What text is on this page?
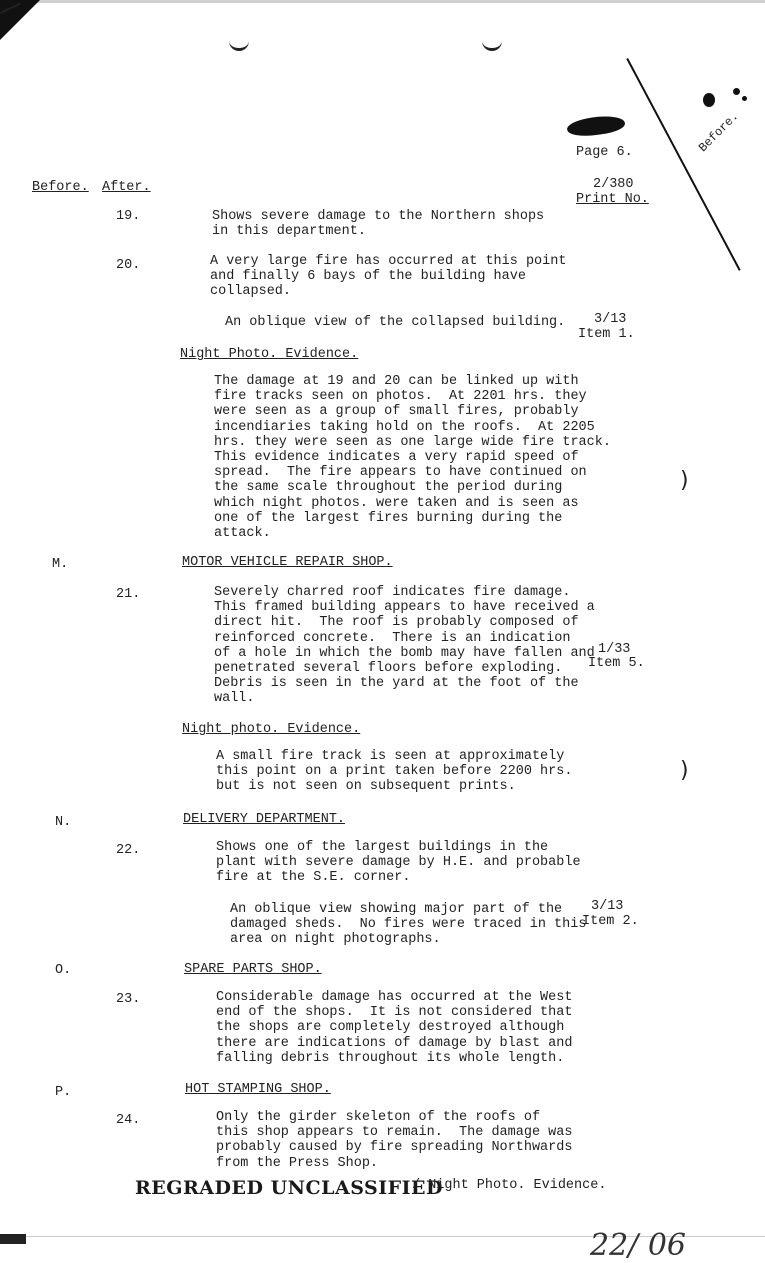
Before.
Page 6.
Before. After.	2/380
Print No.
19.	Shows severe damage to the Northern shops
in this department.
20.	A very large fire has occurred at this point
and finally 6 bays of the building have
collapsed.
An oblique view of the collapsed building. 3/13
Item 1.
Night Photo. Evidence.
The damage at 19 and 20 can be linked up with
fire tracks seen on photos.  At 2201 hrs. they
were seen as a group of small fires, probably
incendiaries taking hold on the roofs.  At 2205
hrs. they were seen as one large wide fire track.
This evidence indicates a very rapid speed of
spread.  The fire appears to have continued on
the same scale throughout the period during
which night photos. were taken and is seen as
one of the largest fires burning during the
attack.
)
M.	MOTOR VEHICLE REPAIR SHOP.
21.	Severely charred roof indicates fire damage.
This framed building appears to have received a
direct hit.  The roof is probably composed of
reinforced concrete.  There is an indication
of a hole in which the bomb may have fallen and
penetrated several floors before exploding.
Debris is seen in the yard at the foot of the
wall.
1/33
Item 5.
Night photo. Evidence.
A small fire track is seen at approximately
this point on a print taken before 2200 hrs.
but is not seen on subsequent prints.
)
N.	DELIVERY DEPARTMENT.
22.	Shows one of the largest buildings in the
plant with severe damage by H.E. and probable
fire at the S.E. corner.
An oblique view showing major part of the
damaged sheds.  No fires were traced in this
area on night photographs.
3/13
Item 2.
O.	SPARE PARTS SHOP.
23.	Considerable damage has occurred at the West
end of the shops.  It is not considered that
the shops are completely destroyed although
there are indications of damage by blast and
falling debris throughout its whole length.
P.	HOT STAMPING SHOP.
24.	Only the girder skeleton of the roofs of
this shop appears to remain.  The damage was
probably caused by fire spreading Northwards
from the Press Shop.
REGRADED UNCLASSIFIED
/ Night Photo. Evidence.
22/ 06
